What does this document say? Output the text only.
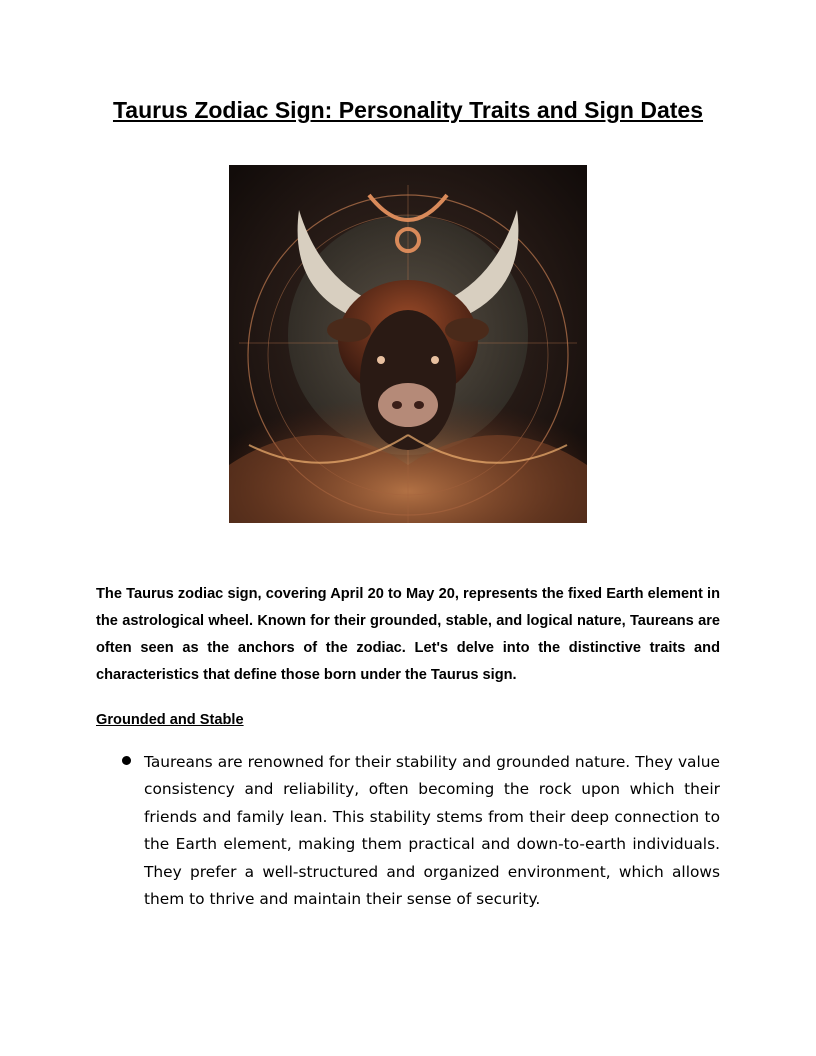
Taurus Zodiac Sign: Personality Traits and Sign Dates

The Taurus zodiac sign, covering April 20 to May 20, represents the fixed Earth element in the astrological wheel. Known for their grounded, stable, and logical nature, Taureans are often seen as the anchors of the zodiac. Let's delve into the distinctive traits and characteristics that define those born under the Taurus sign.

Grounded and Stable

Taureans are renowned for their stability and grounded nature. They value consistency and reliability, often becoming the rock upon which their friends and family lean. This stability stems from their deep connection to the Earth element, making them practical and down-to-earth individuals. They prefer a well-structured and organized environment, which allows them to thrive and maintain their sense of security.
